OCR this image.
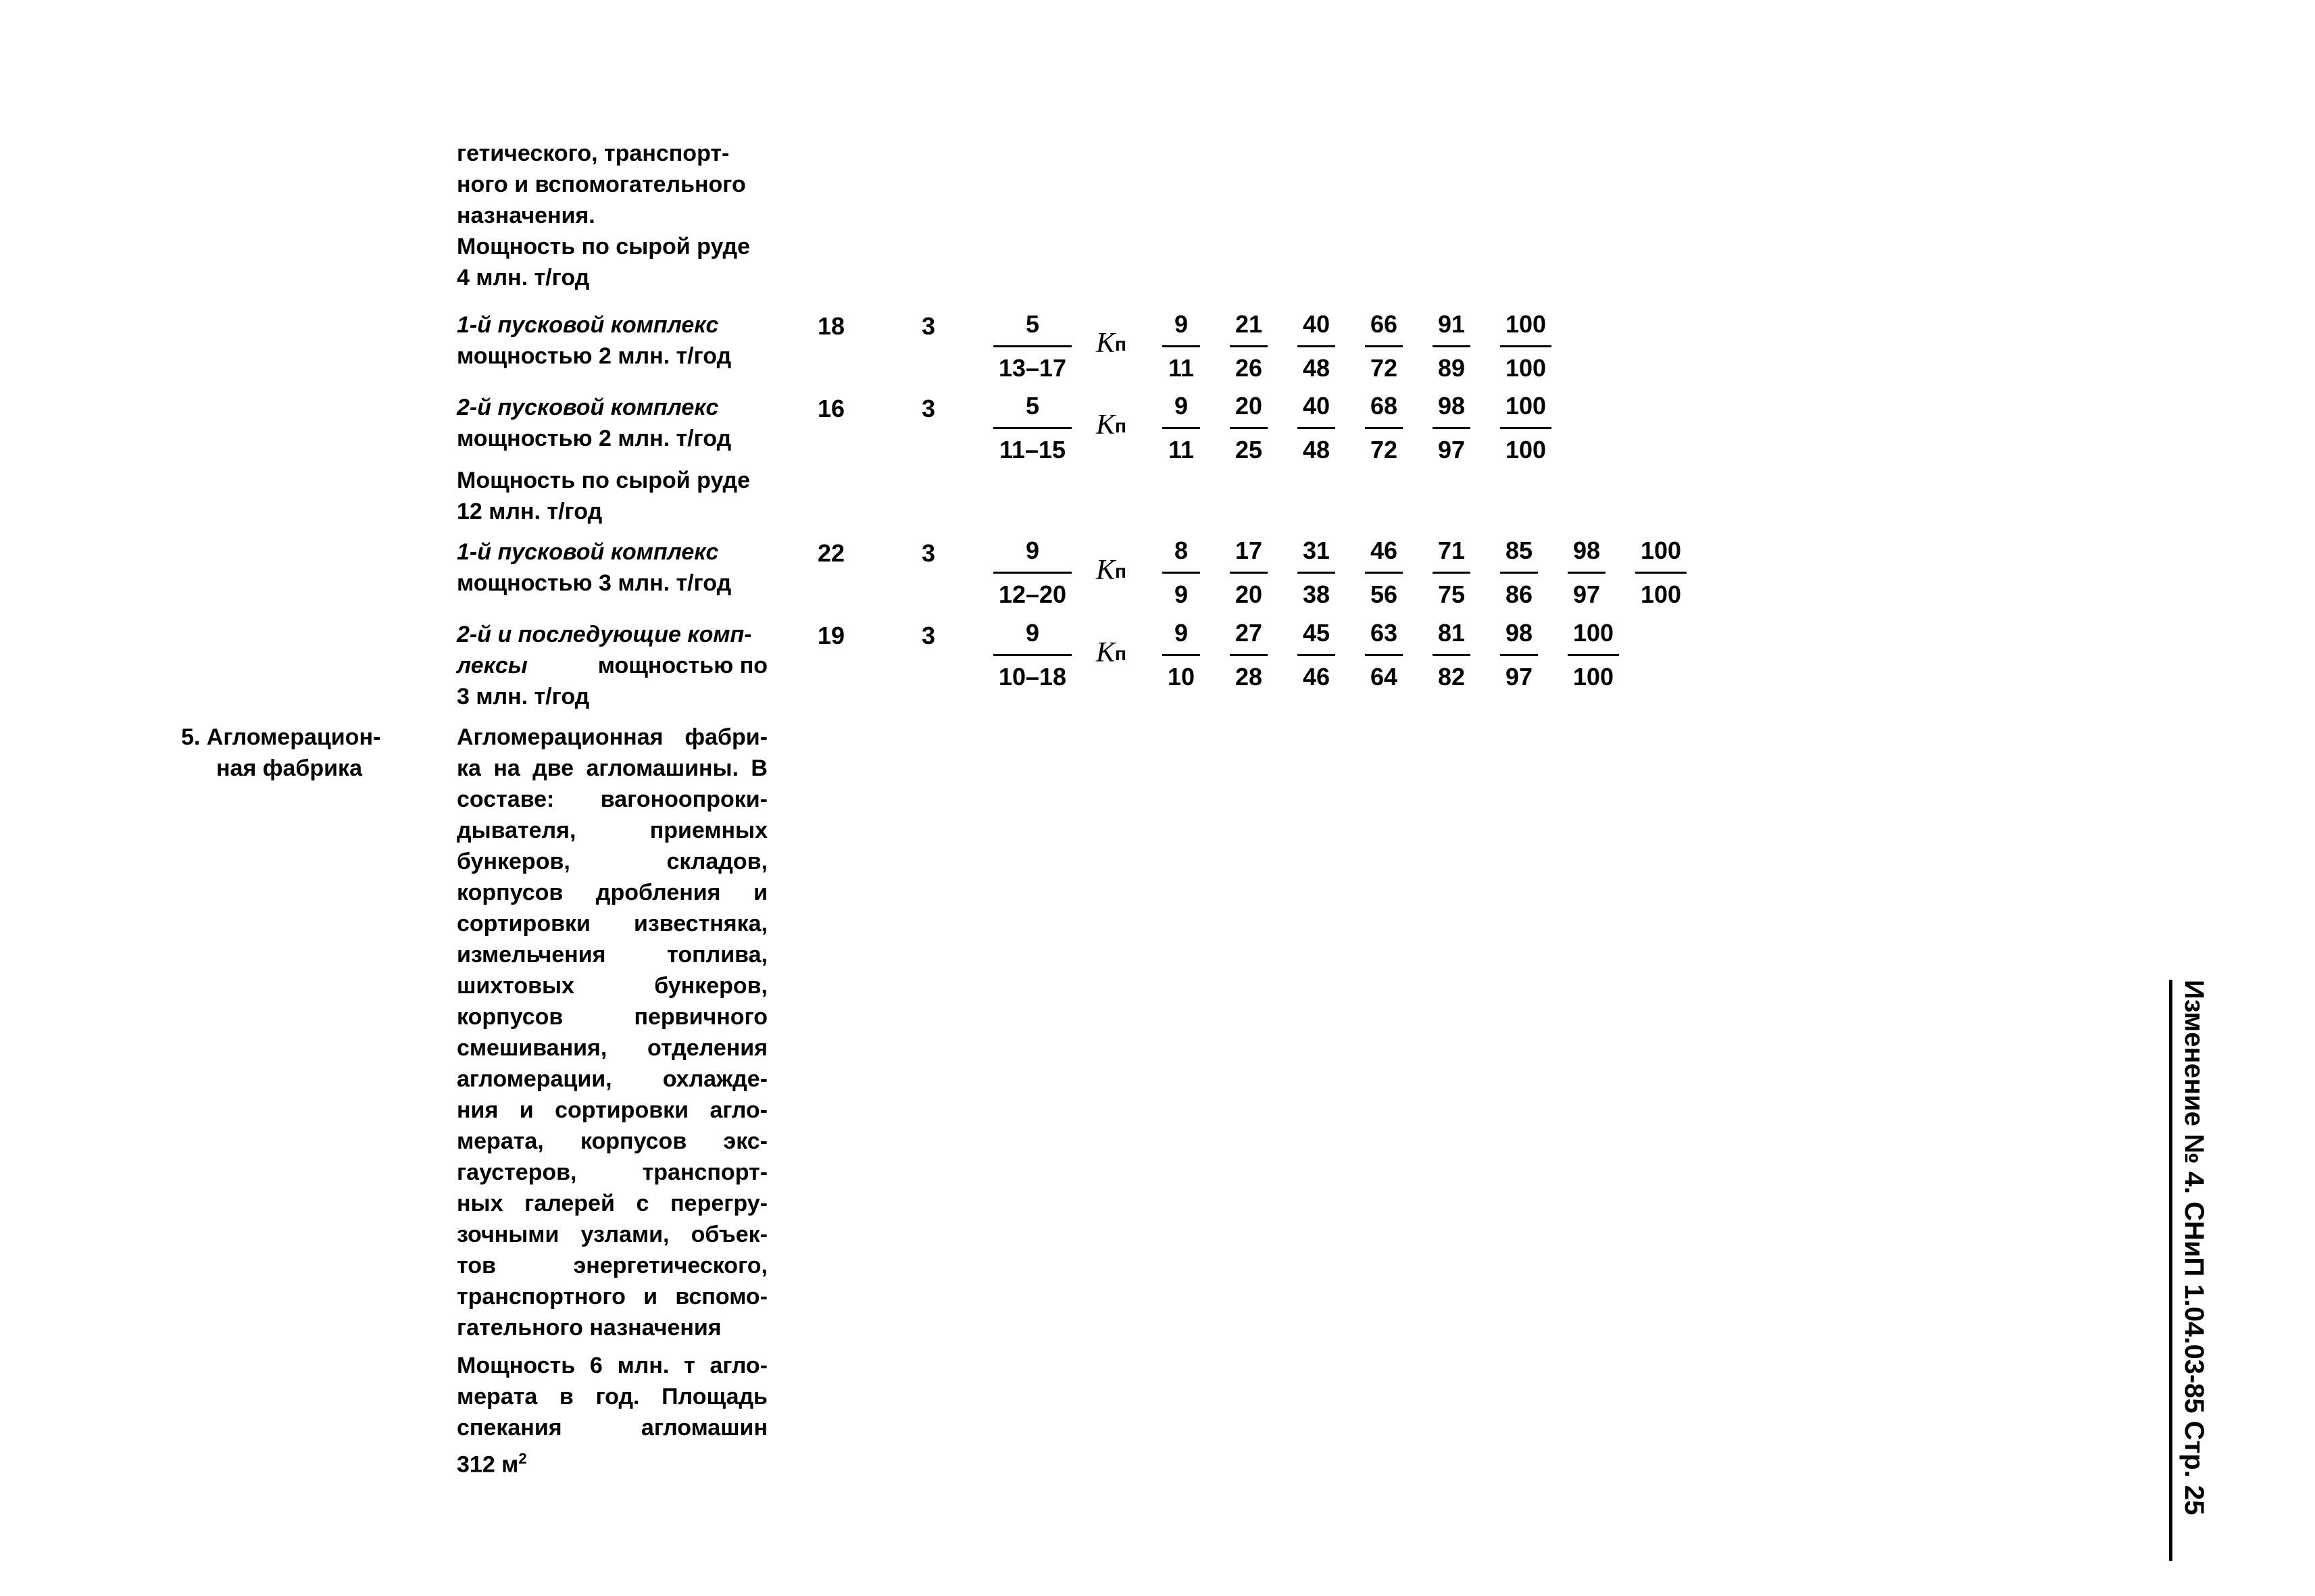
гетического, транспорт-
ного и вспомогательного
назначения.
Мощность по сырой руде
4 млн. т/год
1-й пусковой комплекс
мощностью 2 млн. т/год
18	$3 \frac{5}{13-17} K_п \frac{9}{11} \frac{21}{26} \frac{40}{48} \frac{66}{72} \frac{91}{89} \frac{100}{100}$
2-й пусковой комплекс
мощностью 2 млн. т/год
16	$3 \frac{5}{11-15} K_п \frac{9}{11} \frac{20}{25} \frac{40}{48} \frac{68}{72} \frac{98}{97} \frac{100}{100}$
Мощность по сырой руде
12 млн. т/год
1-й пусковой комплекс
мощностью 3 млн. т/год
22	$3 \frac{9}{12-20} K_п \frac{8}{9} \frac{17}{20} \frac{31}{38} \frac{46}{56} \frac{71}{75} \frac{85}{86} \frac{98}{97} \frac{100}{100}$
2-й и последующие комп-
лексы	мощностью по
3 млн. т/год
19	$3 \frac{9}{10-18} K_п \frac{9}{10} \frac{27}{28} \frac{45}{46} \frac{63}{64} \frac{81}{82} \frac{98}{97} \frac{100}{100}$
5. Агломерацион-
ная фабрика
Агломерационная фабри-
ка на две агломашины. В
составе: вагоноопроки-
дывателя,	приемных
бункеров,	складов,
корпусов дробления и
сортировки известняка,
измельчения	топлива,
шихтовых	бункеров,
корпусов	первичного
смешивания, отделения
агломерации, охлажде-
ния и сортировки агло-
мерата, корпусов экс-
гаустеров,	транспорт-
ных галерей с перегру-
зочными узлами, объек-
тов	энергетического,
транспортного и вспомо-
гательного назначения
Мощность 6 млн. т агло-
мерата в год. Площадь
спекания	агломашин
312 $м^2$	Изменение № 4. СНиП 1.04.03-85 Стр. 25
